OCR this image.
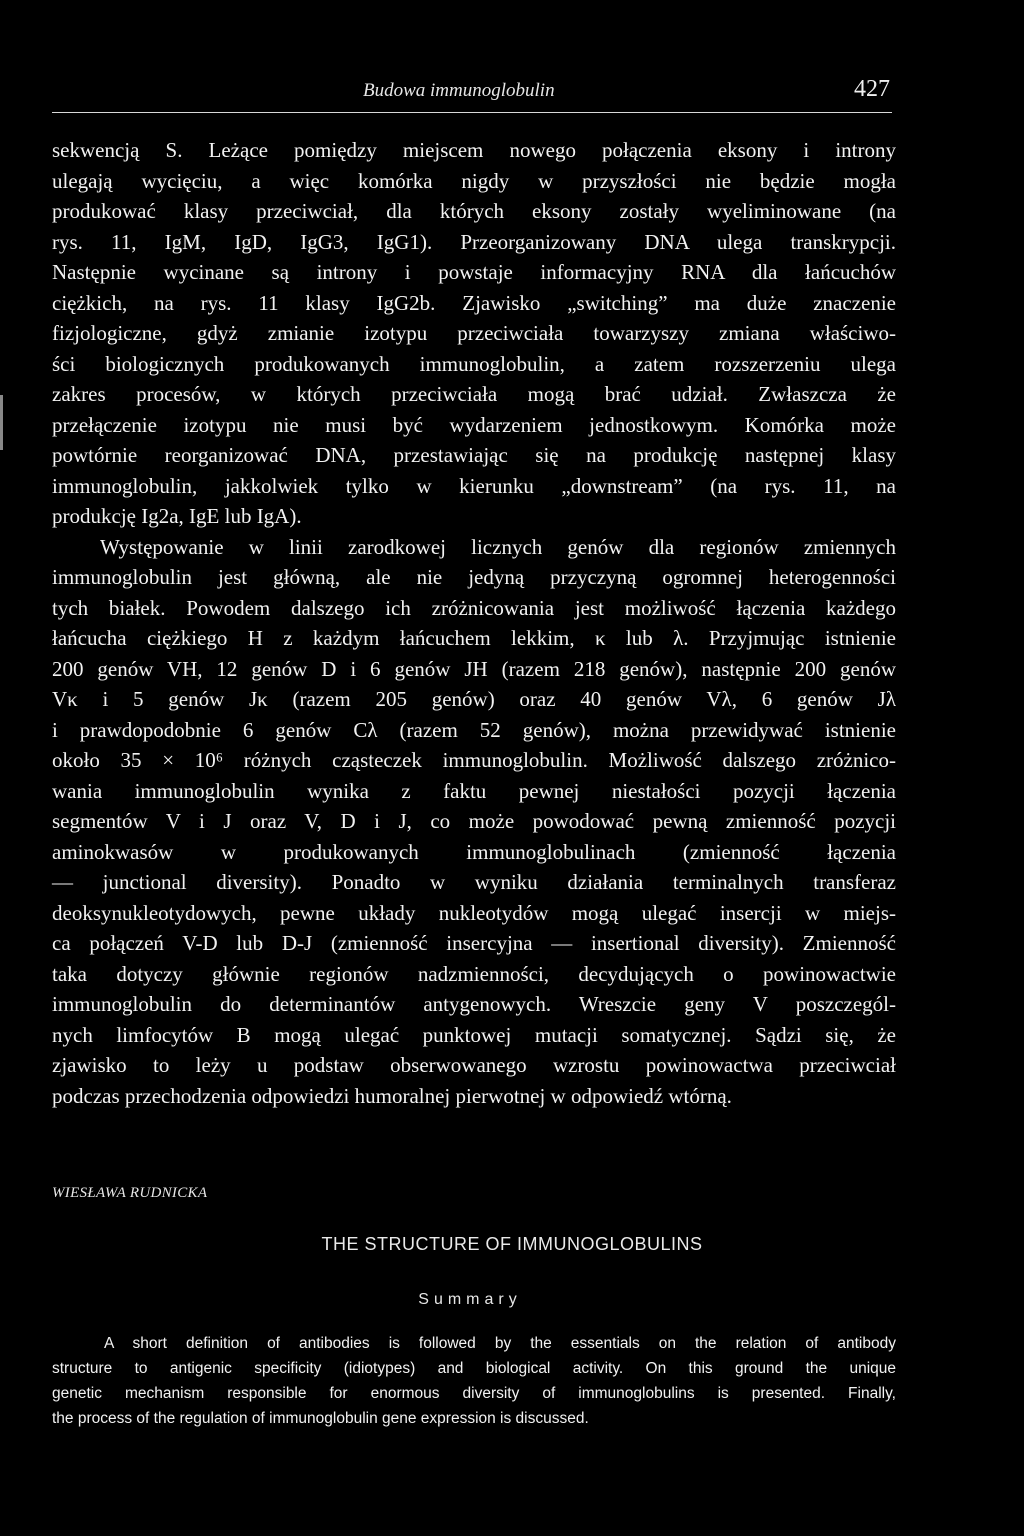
Budowa immunoglobulin	427
sekwencją S. Leżące pomiędzy miejscem nowego połączenia eksony i introny
ulegają wycięciu, a więc komórka nigdy w przyszłości nie będzie mogła
produkować klasy przeciwciał, dla których eksony zostały wyeliminowane (na
rys. 11, IgM, IgD, IgG3, IgG1). Przeorganizowany DNA ulega transkrypcji.
Następnie wycinane są introny i powstaje informacyjny RNA dla łańcuchów
ciężkich, na rys. 11 klasy IgG2b. Zjawisko „switching” ma duże znaczenie
fizjologiczne, gdyż zmianie izotypu przeciwciała towarzyszy zmiana właściwo-
ści biologicznych produkowanych immunoglobulin, a zatem rozszerzeniu ulega
zakres procesów, w których przeciwciała mogą brać udział. Zwłaszcza że
przełączenie izotypu nie musi być wydarzeniem jednostkowym. Komórka może
powtórnie reorganizować DNA, przestawiając się na produkcję następnej klasy
immunoglobulin, jakkolwiek tylko w kierunku „downstream” (na rys. 11, na
produkcję Ig2a, IgE lub IgA).
Występowanie w linii zarodkowej licznych genów dla regionów zmiennych
immunoglobulin jest główną, ale nie jedyną przyczyną ogromnej heterogenności
tych białek. Powodem dalszego ich zróżnicowania jest możliwość łączenia każdego
łańcucha ciężkiego H z każdym łańcuchem lekkim, κ lub λ. Przyjmując istnienie
200 genów VH, 12 genów D i 6 genów JH (razem 218 genów), następnie 200 genów
Vκ i 5 genów Jκ (razem 205 genów) oraz 40 genów Vλ, 6 genów Jλ
i prawdopodobnie 6 genów Cλ (razem 52 genów), można przewidywać istnienie
około 35 × 10⁶ różnych cząsteczek immunoglobulin. Możliwość dalszego zróżnico-
wania immunoglobulin wynika z faktu pewnej niestałości pozycji łączenia
segmentów V i J oraz V, D i J, co może powodować pewną zmienność pozycji
aminokwasów w produkowanych immunoglobulinach (zmienność łączenia
— junctional diversity). Ponadto w wyniku działania terminalnych transferaz
deoksynukleotydowych, pewne układy nukleotydów mogą ulegać insercji w miejs-
ca połączeń V-D lub D-J (zmienność insercyjna — insertional diversity). Zmienność
taka dotyczy głównie regionów nadzmienności, decydujących o powinowactwie
immunoglobulin do determinantów antygenowych. Wreszcie geny V poszczegól-
nych limfocytów B mogą ulegać punktowej mutacji somatycznej. Sądzi się, że
zjawisko to leży u podstaw obserwowanego wzrostu powinowactwa przeciwciał
podczas przechodzenia odpowiedzi humoralnej pierwotnej w odpowiedź wtórną.
WIESŁAWA RUDNICKA
THE STRUCTURE OF IMMUNOGLOBULINS
Summary
A short definition of antibodies is followed by the essentials on the relation of antibody
structure to antigenic specificity (idiotypes) and biological activity. On this ground the unique
genetic mechanism responsible for enormous diversity of immunoglobulins is presented. Finally,
the process of the regulation of immunoglobulin gene expression is discussed.
